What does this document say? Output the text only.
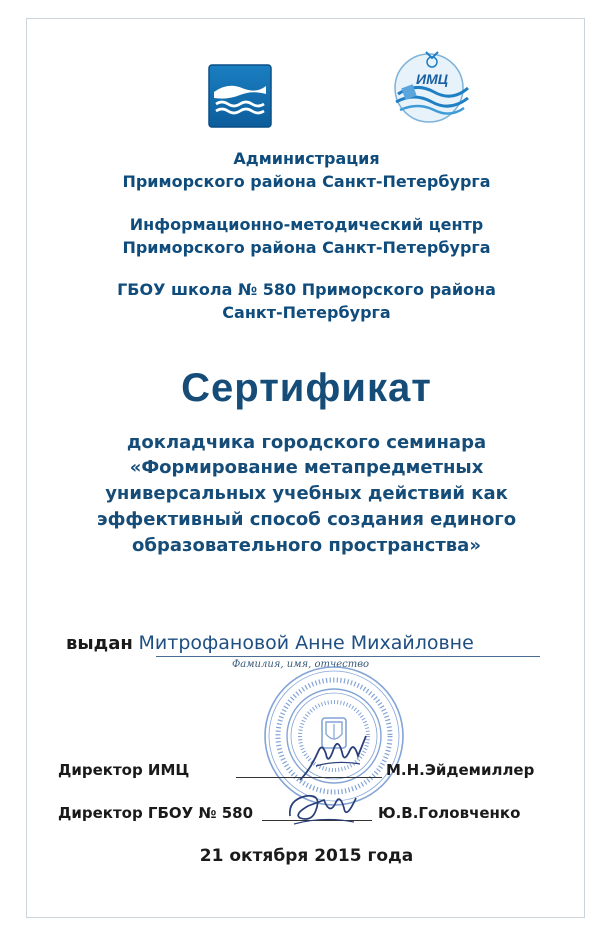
ИМЦ
Администрация
Приморского района Санкт-Петербурга
Информационно-методический центр
Приморского района Санкт-Петербурга
ГБОУ школа № 580 Приморского района
Санкт-Петербурга
Сертификат
докладчика городского семинара
«Формирование метапредметных
универсальных учебных действий как
эффективный способ создания единого
образовательного пространства»
выдан Митрофановой Анне Михайловне
Фамилия, имя, отчество
Директор ИМЦ	М.Н.Эйдемиллер
Директор ГБОУ № 580	Ю.В.Головченко
21 октября 2015 года
